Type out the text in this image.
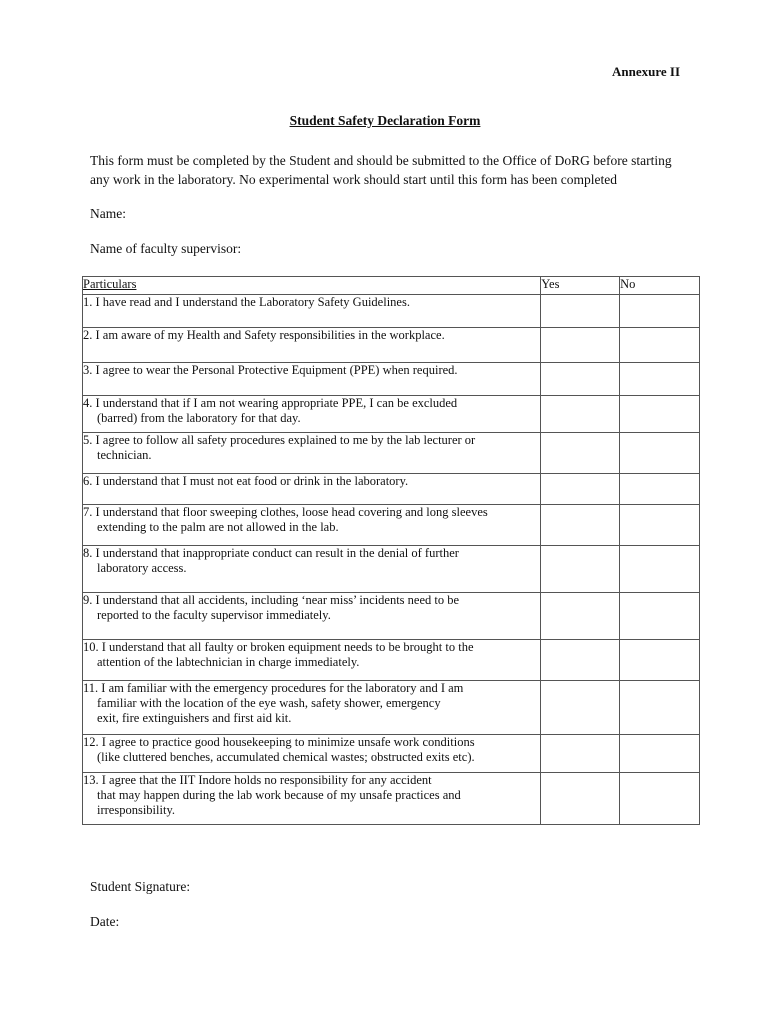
Annexure II
Student Safety Declaration Form

This form must be completed by the Student and should be submitted to the Office of DoRG before starting

any work in the laboratory. No experimental work should start until this form has been completed

Name:
Name of faculty supervisor:
Particulars	Yes	No

1. I have read and I understand the Laboratory Safety Guidelines.		

2. I am aware of my Health and Safety responsibilities in the workplace.		

3. I agree to wear the Personal Protective Equipment (PPE) when required.		

4. I understand that if I am not wearing appropriate PPE, I can be excluded
(barred) from the laboratory for that day.		

5. I agree to follow all safety procedures explained to me by the lab lecturer or
technician.		

6. I understand that I must not eat food or drink in the laboratory.		

7. I understand that floor sweeping clothes, loose head covering and long sleeves
extending to the palm are not allowed in the lab.		

8. I understand that inappropriate conduct can result in the denial of further
laboratory access.		

9. I understand that all accidents, including ‘near miss’ incidents need to be
reported to the faculty supervisor immediately.		

10. I understand that all faulty or broken equipment needs to be brought to the
attention of the labtechnician in charge immediately.		

11. I am familiar with the emergency procedures for the laboratory and I am
familiar with the location of the eye wash, safety shower, emergency
exit, fire extinguishers and first aid kit.		

12. I agree to practice good housekeeping to minimize unsafe work conditions
(like cluttered benches, accumulated chemical wastes; obstructed exits etc).		

13. I agree that the IIT Indore holds no responsibility for any accident
that may happen during the lab work because of my unsafe practices and
irresponsibility.		

Student Signature:
Date:
